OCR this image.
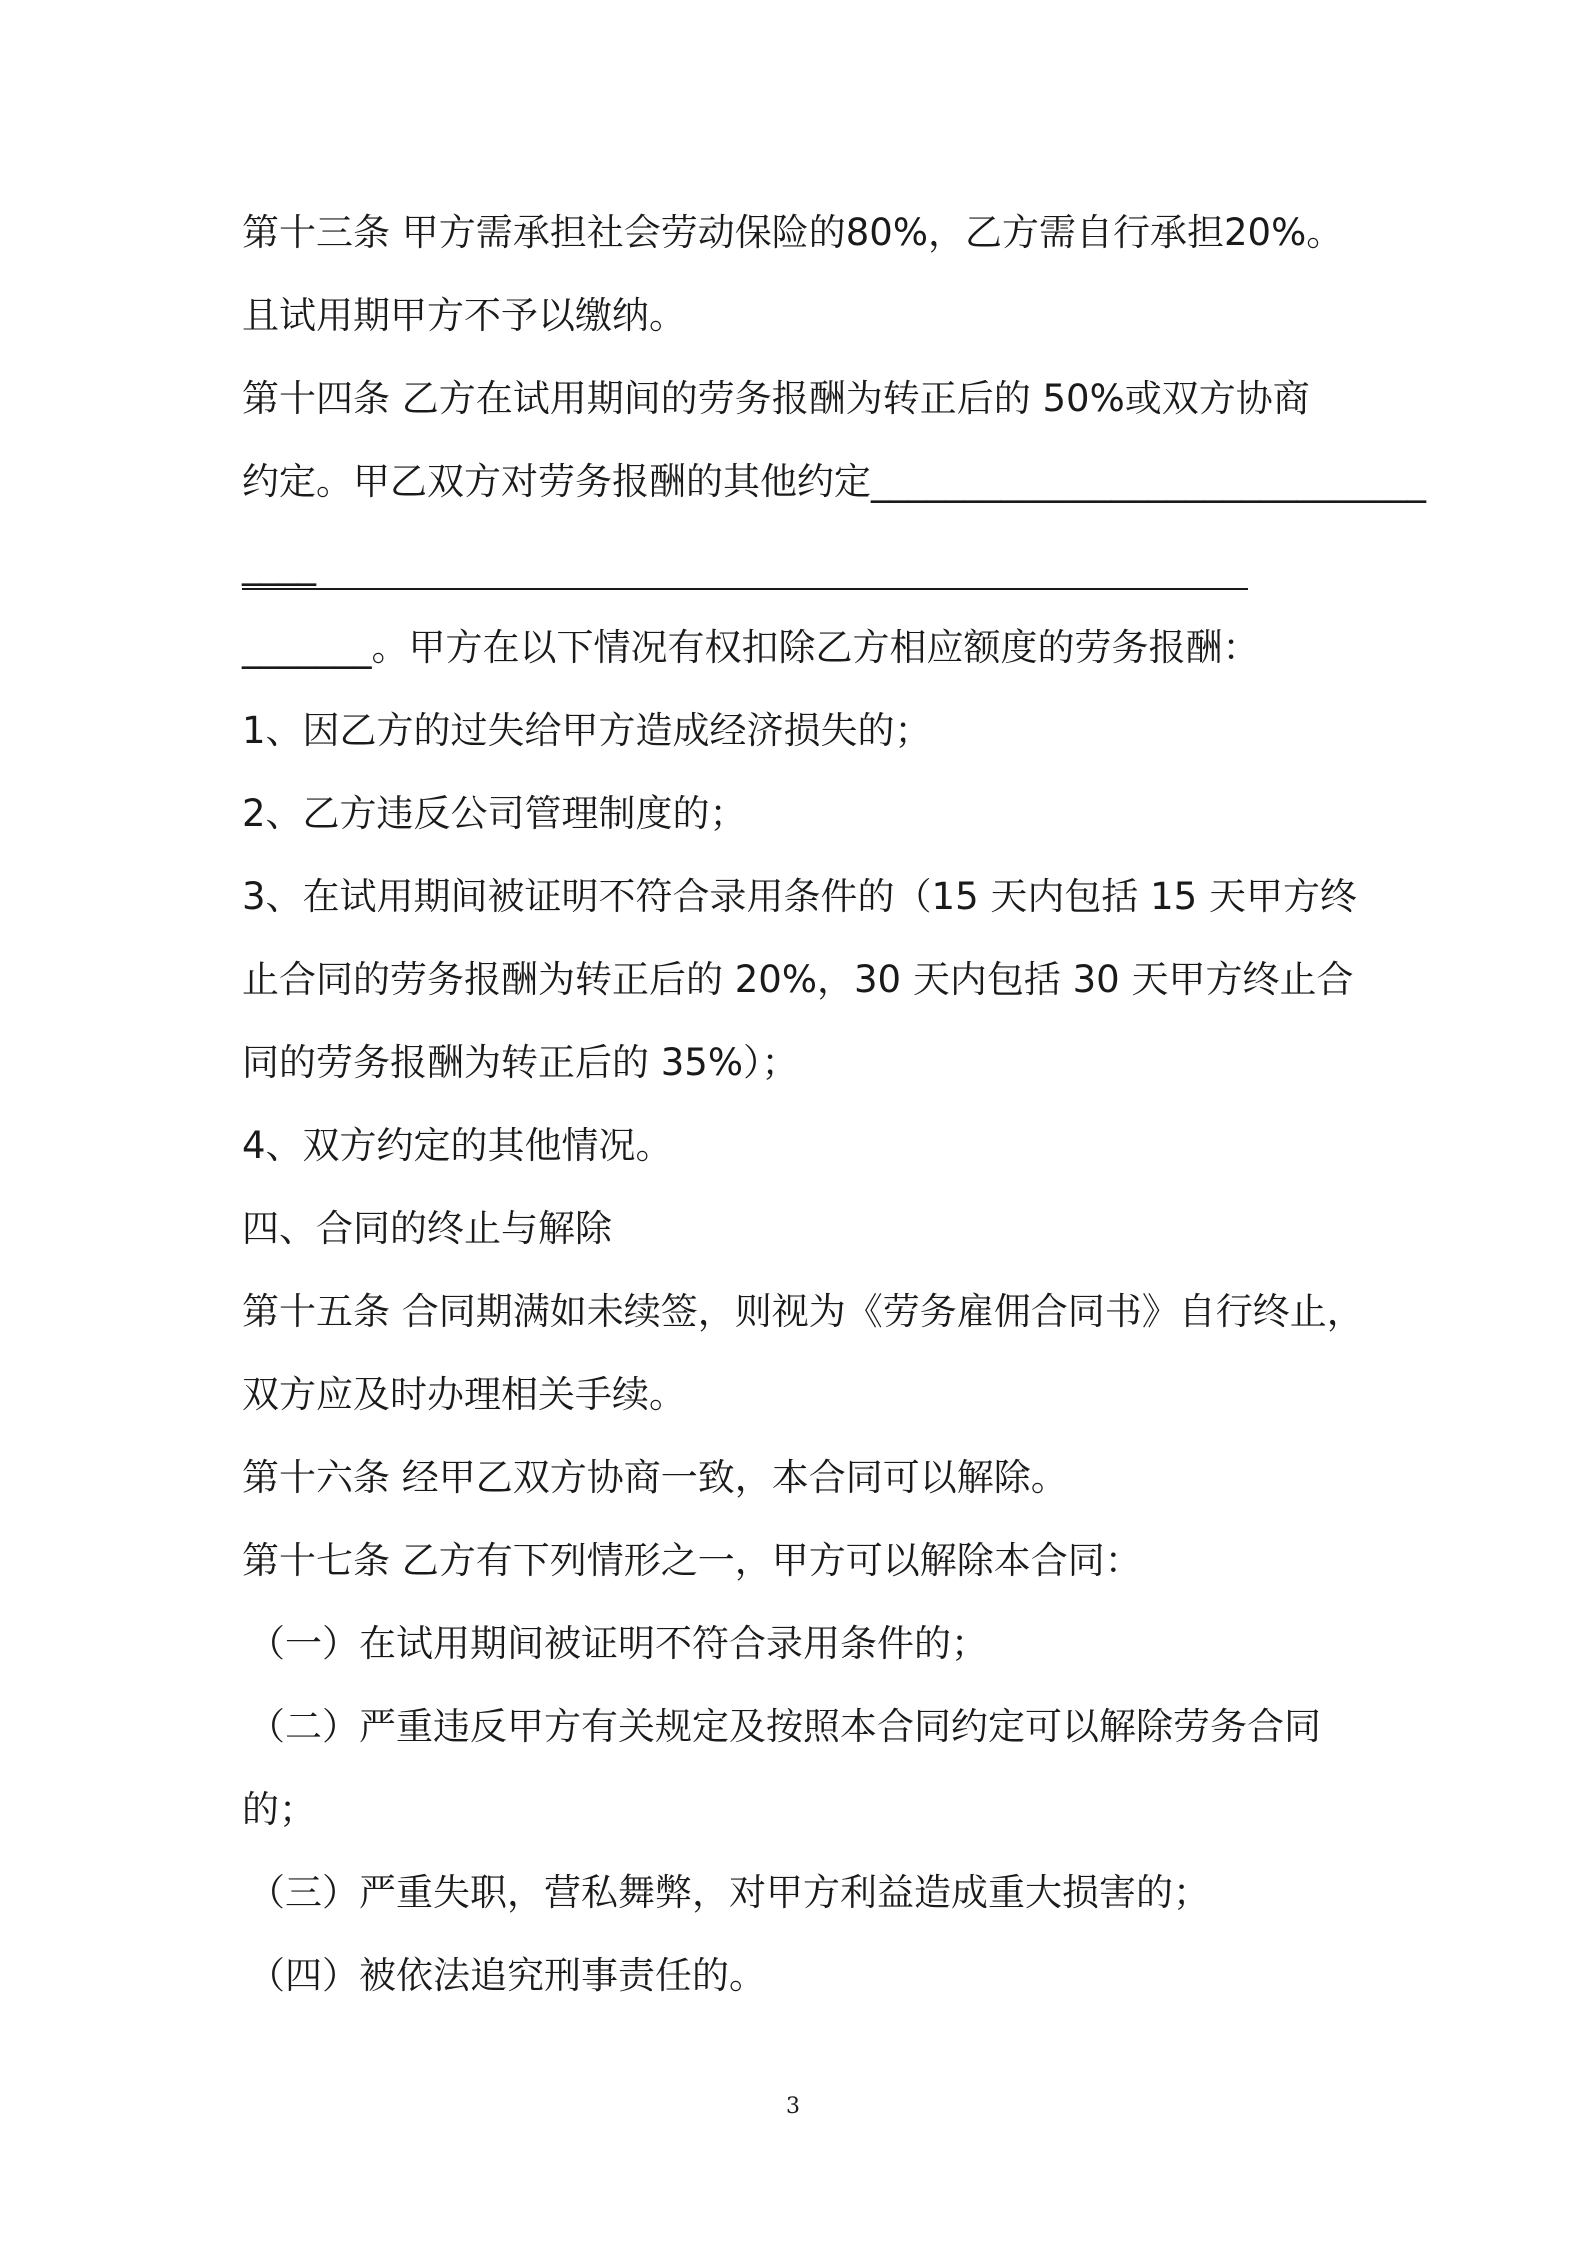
第十三条 甲方需承担社会劳动保险的80%，乙方需自行承担20%。
且试用期甲方不予以缴纳。
第十四条 乙方在试用期间的劳务报酬为转正后的 50%或双方协商
约定。甲乙双方对劳务报酬的其他约定______________________________
____
_______。甲方在以下情况有权扣除乙方相应额度的劳务报酬：
1、因乙方的过失给甲方造成经济损失的；
2、乙方违反公司管理制度的；
3、在试用期间被证明不符合录用条件的（15 天内包括 15 天甲方终
止合同的劳务报酬为转正后的 20%，30 天内包括 30 天甲方终止合
同的劳务报酬为转正后的 35%）；
4、双方约定的其他情况。
四、合同的终止与解除
第十五条 合同期满如未续签，则视为《劳务雇佣合同书》自行终止，
双方应及时办理相关手续。
第十六条 经甲乙双方协商一致，本合同可以解除。
第十七条 乙方有下列情形之一，甲方可以解除本合同：
（一）在试用期间被证明不符合录用条件的；
（二）严重违反甲方有关规定及按照本合同约定可以解除劳务合同
的；
（三）严重失职，营私舞弊，对甲方利益造成重大损害的；
（四）被依法追究刑事责任的。
3
